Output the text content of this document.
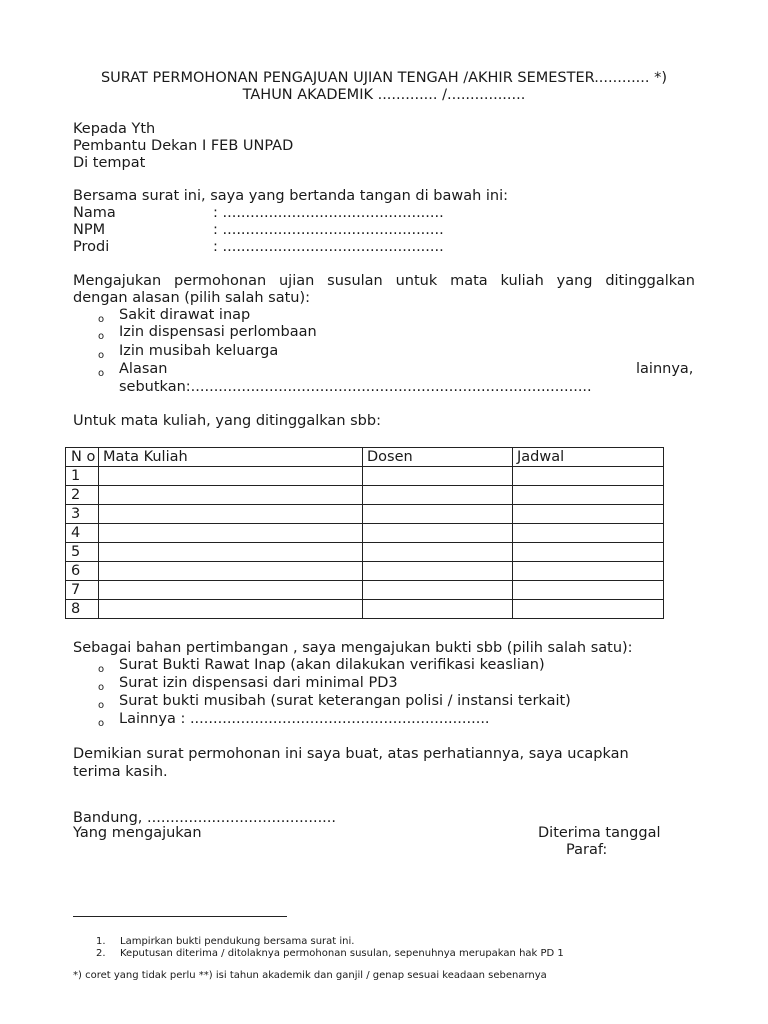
SURAT PERMOHONAN PENGAJUAN UJIAN TENGAH /AKHIR SEMESTER............ *)
TAHUN AKADEMIK ............. /.................
Kepada Yth
Pembantu Dekan I FEB UNPAD
Di tempat
Bersama surat ini, saya yang bertanda tangan di bawah ini:
Nama	: ................................................
NPM	: ................................................
Prodi	: ................................................
Mengajukan permohonan ujian susulan untuk mata kuliah yang ditinggalkan
dengan alasan (pilih salah satu):
o Sakit dirawat inap
o Izin dispensasi perlombaan
o Izin musibah keluarga
o Alasan	lainnya,
sebutkan:.......................................................................................
Untuk mata kuliah, yang ditinggalkan sbb:
N o	Mata Kuliah	Dosen	Jadwal
1			
2			
3			
4			
5			
6			
7			
8			
Sebagai bahan pertimbangan , saya mengajukan bukti sbb (pilih salah satu):
o Surat Bukti Rawat Inap (akan dilakukan verifikasi keaslian)
o Surat izin dispensasi dari minimal PD3
o Surat bukti musibah (surat keterangan polisi / instansi terkait)
o Lainnya : .................................................................
Demikian surat permohonan ini saya buat, atas perhatiannya, saya ucapkan
terima kasih.
Bandung, .........................................
Yang mengajukan	Diterima tanggal
Paraf:
1. Lampirkan bukti pendukung bersama surat ini.
2. Keputusan diterima / ditolaknya permohonan susulan, sepenuhnya merupakan hak PD 1
*) coret yang tidak perlu **) isi tahun akademik dan ganjil / genap sesuai keadaan sebenarnya
